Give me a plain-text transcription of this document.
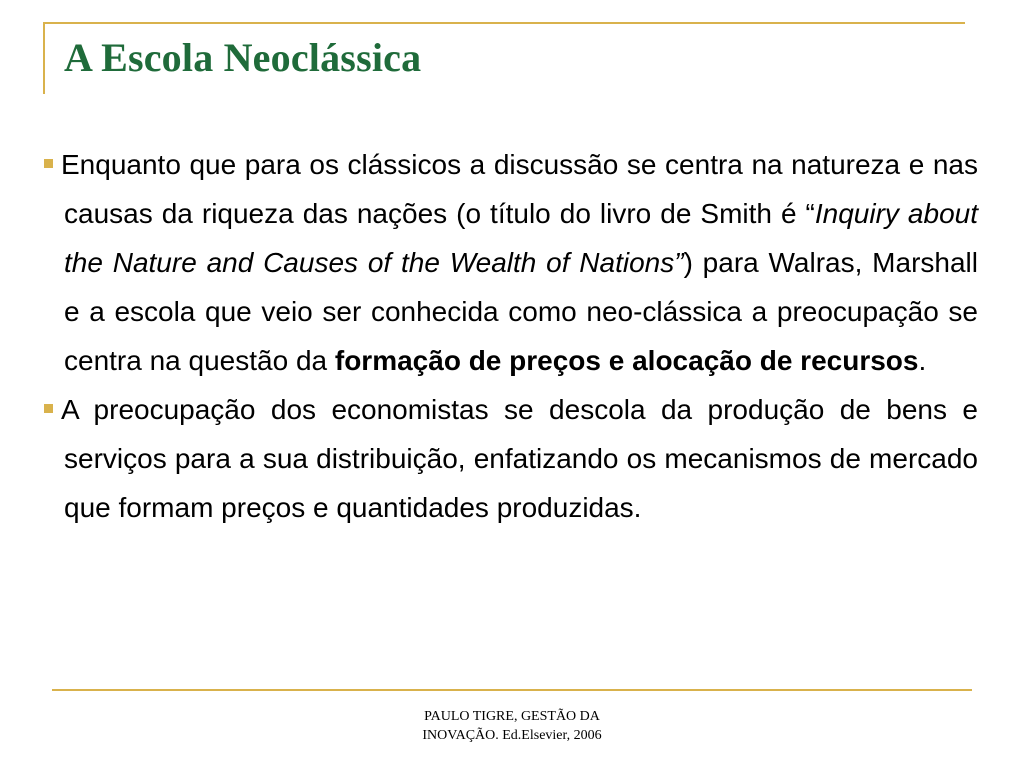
A Escola Neoclássica

Enquanto que para os clássicos a discussão se centra na natureza e nas causas da riqueza das nações (o título do livro de Smith é “Inquiry about the Nature and Causes of the Wealth of Nations”) para Walras, Marshall e a escola que veio ser conhecida como neo-clássica a preocupação se centra na questão da formação de preços e alocação de recursos.

A preocupação dos economistas se descola da produção de bens e serviços para a sua distribuição, enfatizando os mecanismos de mercado que formam preços e quantidades produzidas.

PAULO TIGRE, GESTÃO DA
INOVAÇÃO. Ed.Elsevier, 2006
